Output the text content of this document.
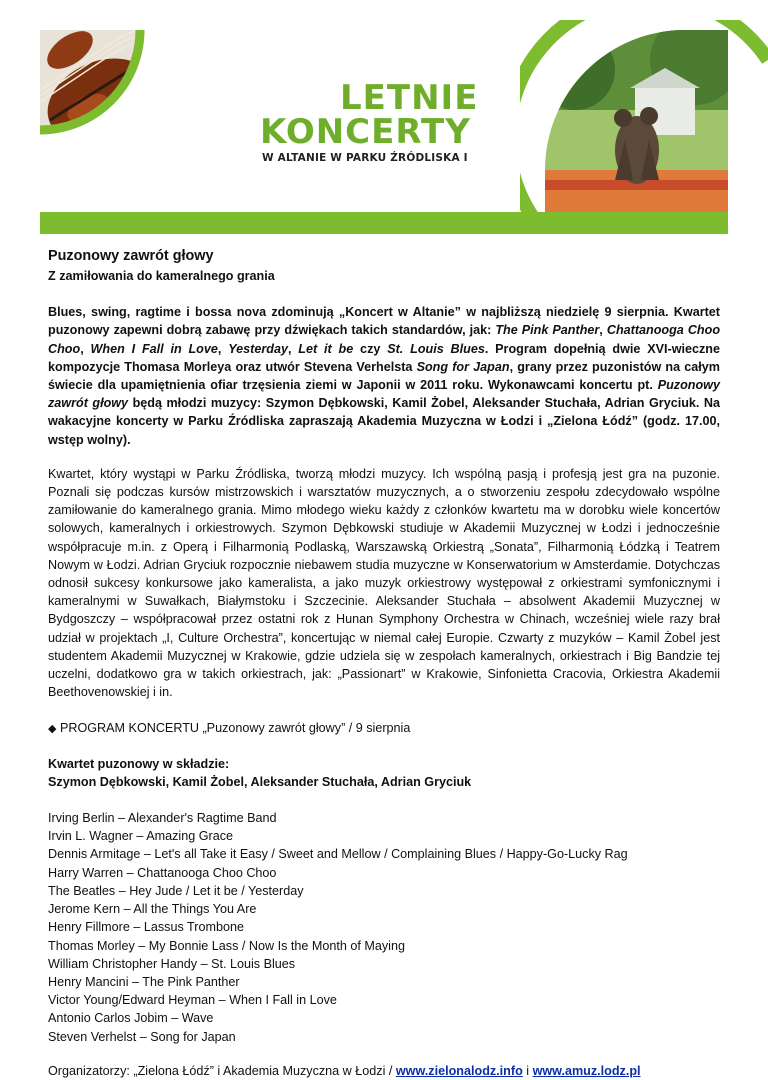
LETNIE
KONCERTY
W ALTANIE W PARKU ŹRÓDLISKA I
Puzonowy zawrót głowy
Z zamiłowania do kameralnego grania
Blues, swing, ragtime i bossa nova zdominują „Koncert w Altanie” w najbliższą niedzielę 9 sierpnia. Kwartet puzonowy zapewni dobrą zabawę przy dźwiękach takich standardów, jak: The Pink Panther, Chattanooga Choo Choo, When I Fall in Love, Yesterday, Let it be czy St. Louis Blues. Program dopełnią dwie XVI-wieczne kompozycje Thomasa Morleya oraz utwór Stevena Verhelsta Song for Japan, grany przez puzonistów na całym świecie dla upamiętnienia ofiar trzęsienia ziemi w Japonii w 2011 roku. Wykonawcami koncertu pt. Puzonowy zawrót głowy będą młodzi muzycy: Szymon Dębkowski, Kamil Żobel, Aleksander Stuchała, Adrian Gryciuk. Na wakacyjne koncerty w Parku Źródliska zapraszają Akademia Muzyczna w Łodzi i „Zielona Łódź” (godz. 17.00, wstęp wolny).
Kwartet, który wystąpi w Parku Źródliska, tworzą młodzi muzycy. Ich wspólną pasją i profesją jest gra na puzonie. Poznali się podczas kursów mistrzowskich i warsztatów muzycznych, a o stworzeniu zespołu zdecydowało wspólne zamiłowanie do kameralnego grania. Mimo młodego wieku każdy z członków kwartetu ma w dorobku wiele koncertów solowych, kameralnych i orkiestrowych. Szymon Dębkowski studiuje w Akademii Muzycznej w Łodzi i jednocześnie współpracuje m.in. z Operą i Filharmonią Podlaską, Warszawską Orkiestrą „Sonata”, Filharmonią Łódzką i Teatrem Nowym w Łodzi. Adrian Gryciuk rozpocznie niebawem studia muzyczne w Konserwatorium w Amsterdamie. Dotychczas odnosił sukcesy konkursowe jako kameralista, a jako muzyk orkiestrowy występował z orkiestrami symfonicznymi i kameralnymi w Suwałkach, Białymstoku i Szczecinie. Aleksander Stuchała – absolwent Akademii Muzycznej w Bydgoszczy – współpracował przez ostatni rok z Hunan Symphony Orchestra w Chinach, wcześniej wiele razy brał udział w projektach „I, Culture Orchestra”, koncertując w niemal całej Europie. Czwarty z muzyków – Kamil Żobel jest studentem Akademii Muzycznej w Krakowie, gdzie udziela się w zespołach kameralnych, orkiestrach i Big Bandzie tej uczelni, dodatkowo gra w takich orkiestrach, jak: „Passionart” w Krakowie, Sinfonietta Cracovia, Orkiestra Akademii Beethovenowskiej i in.
◆ PROGRAM KONCERTU „Puzonowy zawrót głowy” / 9 sierpnia
Kwartet puzonowy w składzie:
Szymon Dębkowski, Kamil Żobel, Aleksander Stuchała, Adrian Gryciuk
Irving Berlin – Alexander's Ragtime Band
Irvin L. Wagner – Amazing Grace
Dennis Armitage – Let's all Take it Easy / Sweet and Mellow / Complaining Blues / Happy-Go-Lucky Rag
Harry Warren – Chattanooga Choo Choo
The Beatles – Hey Jude / Let it be / Yesterday
Jerome Kern – All the Things You Are
Henry Fillmore – Lassus Trombone
Thomas Morley – My Bonnie Lass / Now Is the Month of Maying
William Christopher Handy – St. Louis Blues
Henry Mancini – The Pink Panther
Victor Young/Edward Heyman – When I Fall in Love
Antonio Carlos Jobim – Wave
Steven Verhelst – Song for Japan
Organizatorzy: „Zielona Łódź” i Akademia Muzyczna w Łodzi / www.zielonalodz.info i www.amuz.lodz.pl
